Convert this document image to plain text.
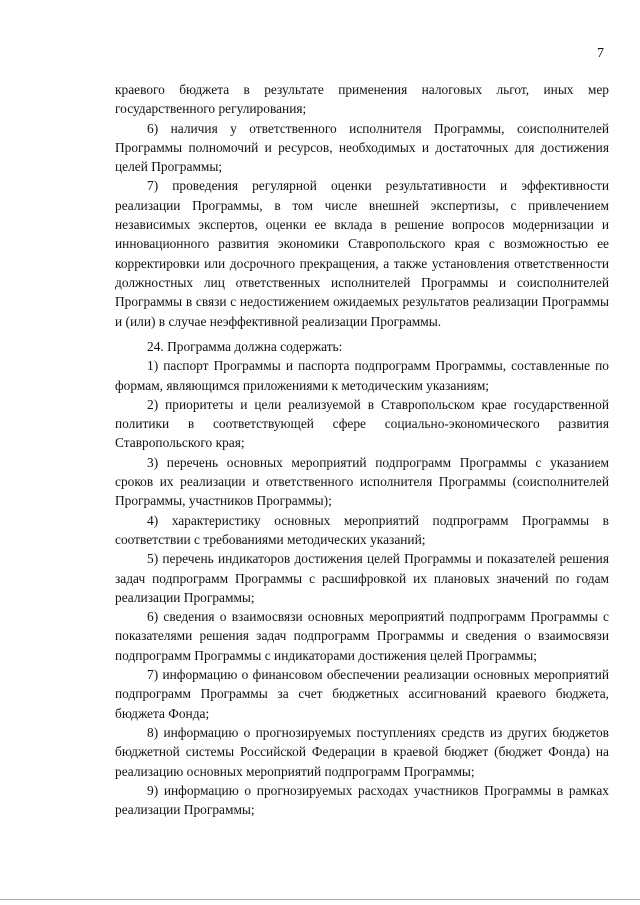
7

краевого бюджета в результате применения налоговых льгот, иных мер государственного регулирования;

6) наличия у ответственного исполнителя Программы, соисполнителей Программы полномочий и ресурсов, необходимых и достаточных для достижения целей Программы;

7) проведения регулярной оценки результативности и эффективности реализации Программы, в том числе внешней экспертизы, с привлечением независимых экспертов, оценки ее вклада в решение вопросов модернизации и инновационного развития экономики Ставропольского края с возможностью ее корректировки или досрочного прекращения, а также установления ответственности должностных лиц ответственных исполнителей Программы и соисполнителей Программы в связи с недостижением ожидаемых результатов реализации Программы и (или) в случае неэффективной реализации Программы.

24. Программа должна содержать:

1) паспорт Программы и паспорта подпрограмм Программы, составленные по формам, являющимся приложениями к методическим указаниям;

2) приоритеты и цели реализуемой в Ставропольском крае государственной политики в соответствующей сфере социально-экономического развития Ставропольского края;

3) перечень основных мероприятий подпрограмм Программы с указанием сроков их реализации и ответственного исполнителя Программы (соисполнителей Программы, участников Программы);

4) характеристику основных мероприятий подпрограмм Программы в соответствии с требованиями методических указаний;

5) перечень индикаторов достижения целей Программы и показателей решения задач подпрограмм Программы с расшифровкой их плановых значений по годам реализации Программы;

6) сведения о взаимосвязи основных мероприятий подпрограмм Программы с показателями решения задач подпрограмм Программы и сведения о взаимосвязи подпрограмм Программы с индикаторами достижения целей Программы;

7) информацию о финансовом обеспечении реализации основных мероприятий подпрограмм Программы за счет бюджетных ассигнований краевого бюджета, бюджета Фонда;

8) информацию о прогнозируемых поступлениях средств из других бюджетов бюджетной системы Российской Федерации в краевой бюджет (бюджет Фонда) на реализацию основных мероприятий подпрограмм Программы;

9) информацию о прогнозируемых расходах участников Программы в рамках реализации Программы;
